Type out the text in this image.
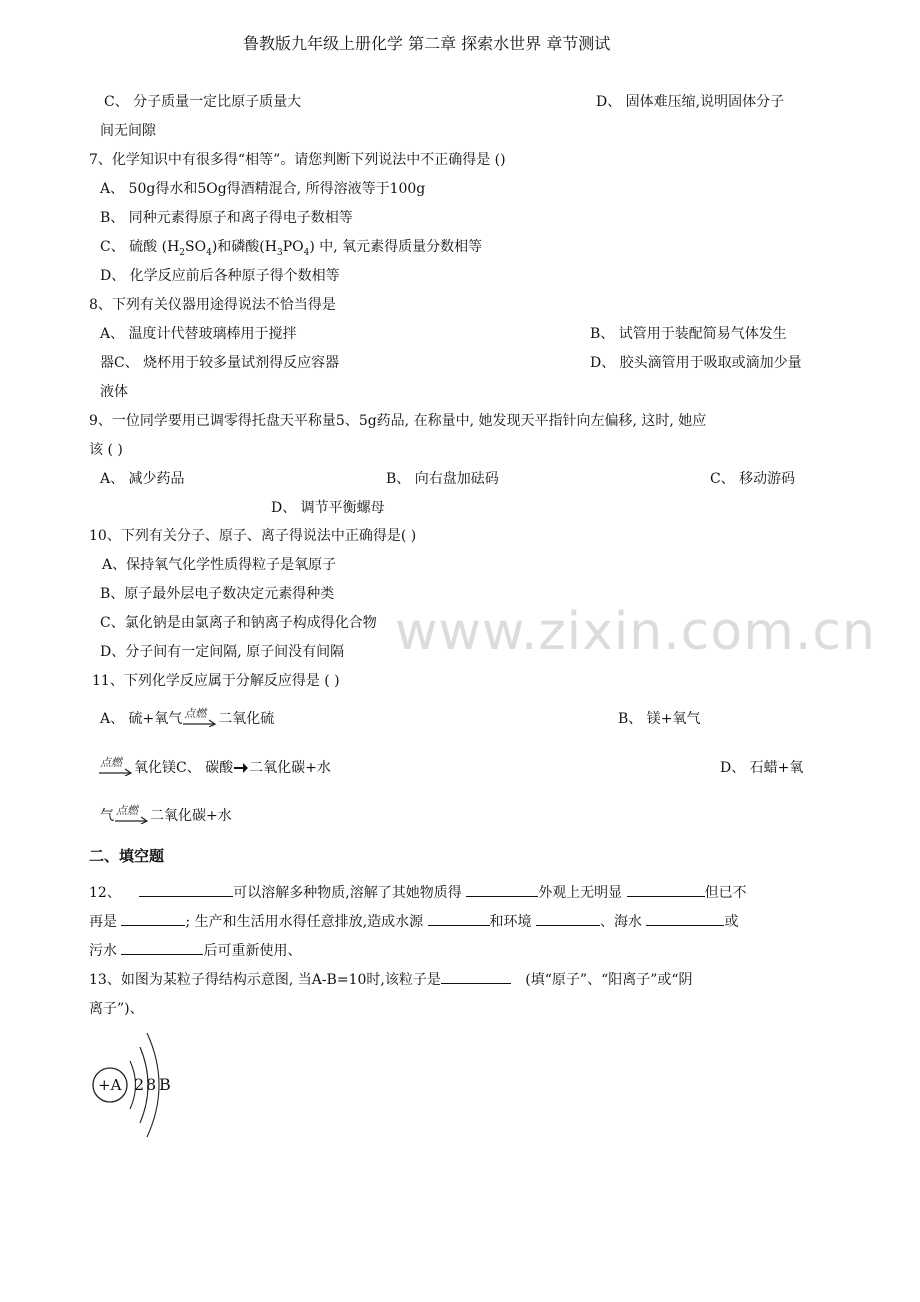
鲁教版九年级上册化学 第二章 探索水世界 章节测试
www.zixin.com.cn
C、 分子质量一定比原子质量大	D、 固体难压缩,说明固体分子
间无间隙
7、化学知识中有很多得“相等”。请您判断下列说法中不正确得是 ()
A、 50g得水和5Og得酒精混合, 所得溶液等于100g
B、 同种元素得原子和离子得电子数相等
C、 硫酸 $(H_2SO_4)$和磷酸$(H_3PO_4)$ 中, 氧元素得质量分数相等
D、 化学反应前后各种原子得个数相等
8、下列有关仪器用途得说法不恰当得是
A、 温度计代替玻璃棒用于搅拌	B、 试管用于装配简易气体发生
器C、 烧杯用于较多量试剂得反应容器	D、 胶头滴管用于吸取或滴加少量
液体
9、一位同学要用已调零得托盘天平称量5、5g药品, 在称量中, 她发现天平指针向左偏移, 这时, 她应
该 ( )
A、 减少药品	B、 向右盘加砝码	C、 移动游码
D、 调节平衡螺母
10、下列有关分子、原子、离子得说法中正确得是( )
A、保持氧气化学性质得粒子是氧原子
B、原子最外层电子数决定元素得种类
C、氯化钠是由氯离子和钠离子构成得化合物
D、分子间有一定间隔, 原子间没有间隔
11、下列化学反应属于分解反应得是 ( )
A、 硫+氧气 点燃 二氧化硫	B、 镁+氧气
点燃 氧化镁C、 碳酸 二氧化碳+水	D、 石蜡+氧
气 点燃 二氧化碳+水
二、填空题
12、	可以溶解多种物质,溶解了其她物质得	外观上无明显	但已不
再是	; 生产和生活用水得任意排放,造成水源	和环境	、海水	或
污水	后可重新使用、
13、如图为某粒子得结构示意图, 当A-B=10时,该粒子是	(填“原子”、“阳离子”或“阴
离子”)、
+A 2 8 B
